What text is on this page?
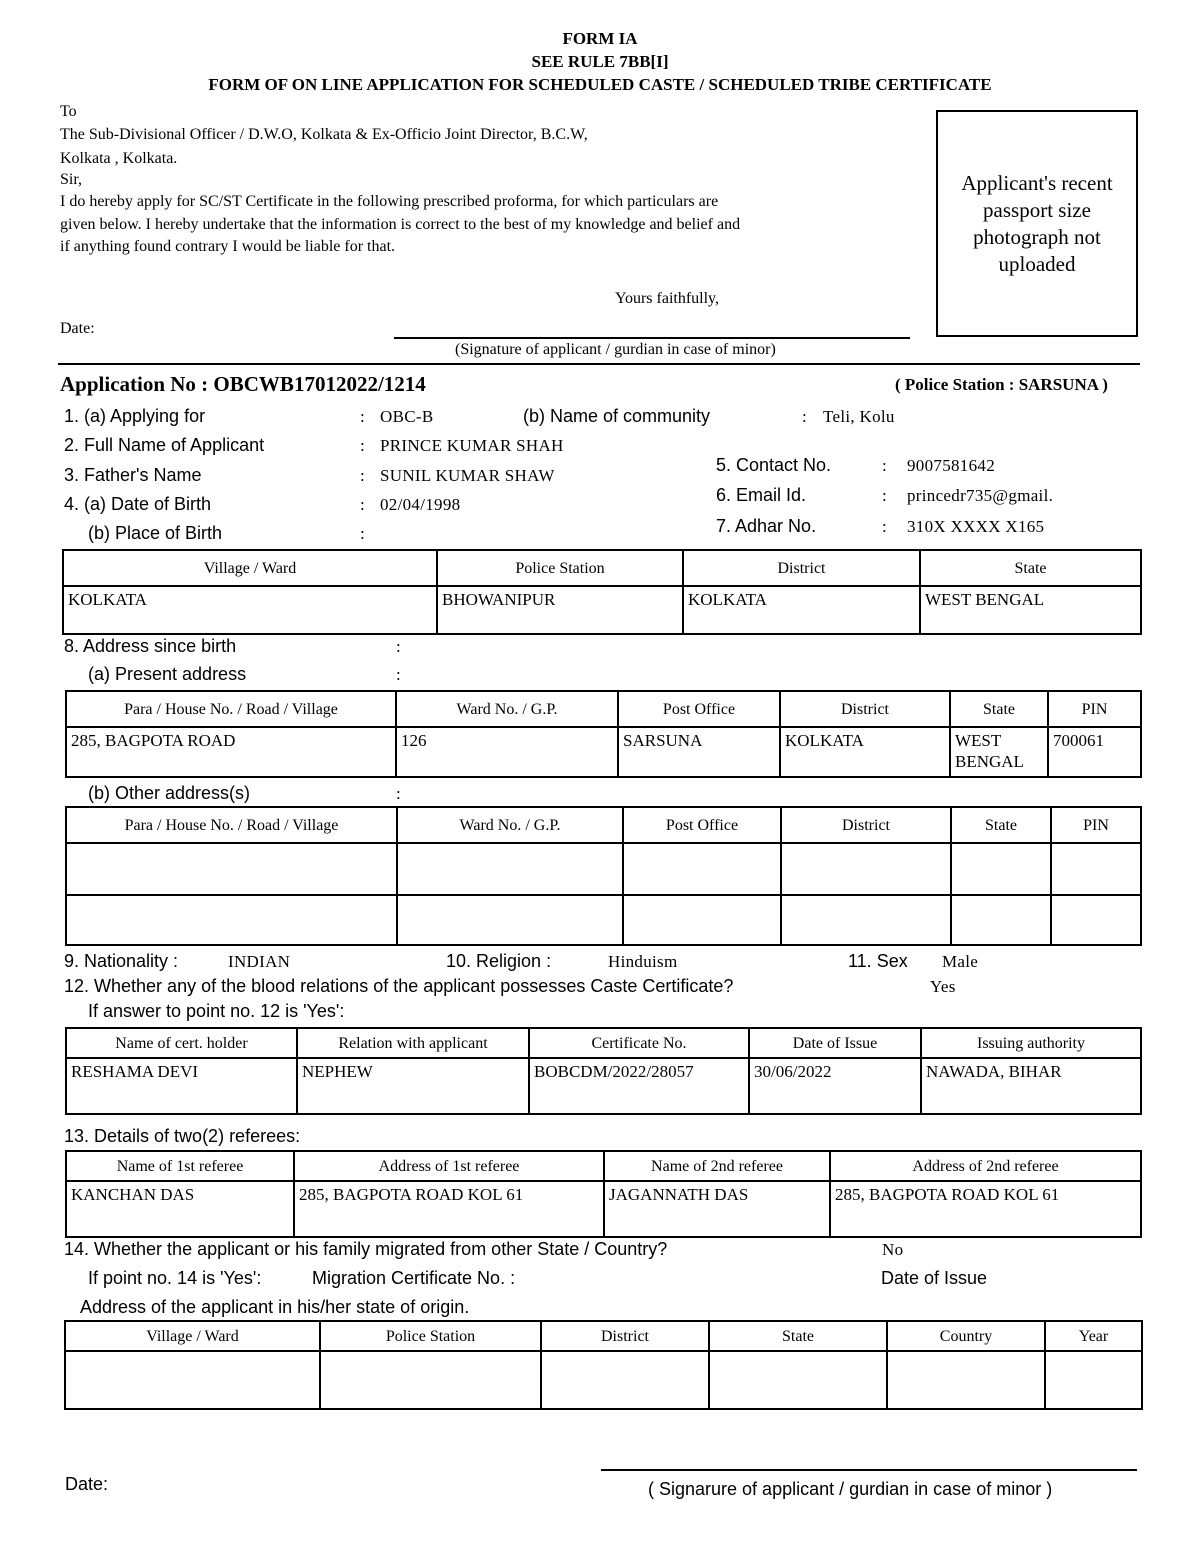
FORM IA
SEE RULE 7BB[I]
FORM OF ON LINE APPLICATION FOR SCHEDULED CASTE / SCHEDULED TRIBE CERTIFICATE
To
The Sub-Divisional Officer / D.W.O, Kolkata & Ex-Officio Joint Director, B.C.W,
Kolkata , Kolkata.
Sir,
I do hereby apply for SC/ST Certificate in the following prescribed proforma, for which particulars are
given below. I hereby undertake that the information is correct to the best of my knowledge and belief and
if anything found contrary I would be liable for that.
Yours faithfully,
Date:
(Signature of applicant / gurdian in case of minor)
Applicant's recent passport size photograph not uploaded
Application No : OBCWB17012022/1214	( Police Station : SARSUNA )
1. (a) Applying for	: OBC-B	(b) Name of community	: Teli, Kolu
2. Full Name of Applicant	: PRINCE KUMAR SHAH
3. Father's Name	: SUNIL KUMAR SHAW
4. (a) Date of Birth	: 02/04/1998
(b) Place of Birth	:
5. Contact No.	: 9007581642
6. Email Id.	: princedr735@gmail.
7. Adhar No.	: 310X XXXX X165
Village / Ward	Police Station	District	State
KOLKATA	BHOWANIPUR	KOLKATA	WEST BENGAL
8. Address since birth	:
(a) Present address	:
Para / House No. / Road / Village	Ward No. / G.P.	Post Office	District	State	PIN
285, BAGPOTA ROAD	126	SARSUNA	KOLKATA	WEST BENGAL	700061
(b) Other address(s)	:
Para / House No. / Road / Village	Ward No. / G.P.	Post Office	District	State	PIN

9. Nationality :	INDIAN	10. Religion :	Hinduism	11. Sex Male
12. Whether any of the blood relations of the applicant possesses Caste Certificate?	Yes
If answer to point no. 12 is 'Yes':
Name of cert. holder	Relation with applicant	Certificate No.	Date of Issue	Issuing authority
RESHAMA DEVI	NEPHEW	BOBCDM/2022/28057	30/06/2022	NAWADA, BIHAR
13. Details of two(2) referees:
Name of 1st referee	Address of 1st referee	Name of 2nd referee	Address of 2nd referee
KANCHAN DAS	285, BAGPOTA ROAD KOL 61	JAGANNATH DAS	285, BAGPOTA ROAD KOL 61
14. Whether the applicant or his family migrated from other State / Country?	No
If point no. 14 is 'Yes':	Migration Certificate No. :	Date of Issue
Address of the applicant in his/her state of origin.
Village / Ward	Police Station	District	State	Country	Year

Date:	( Signarure of applicant / gurdian in case of minor )
